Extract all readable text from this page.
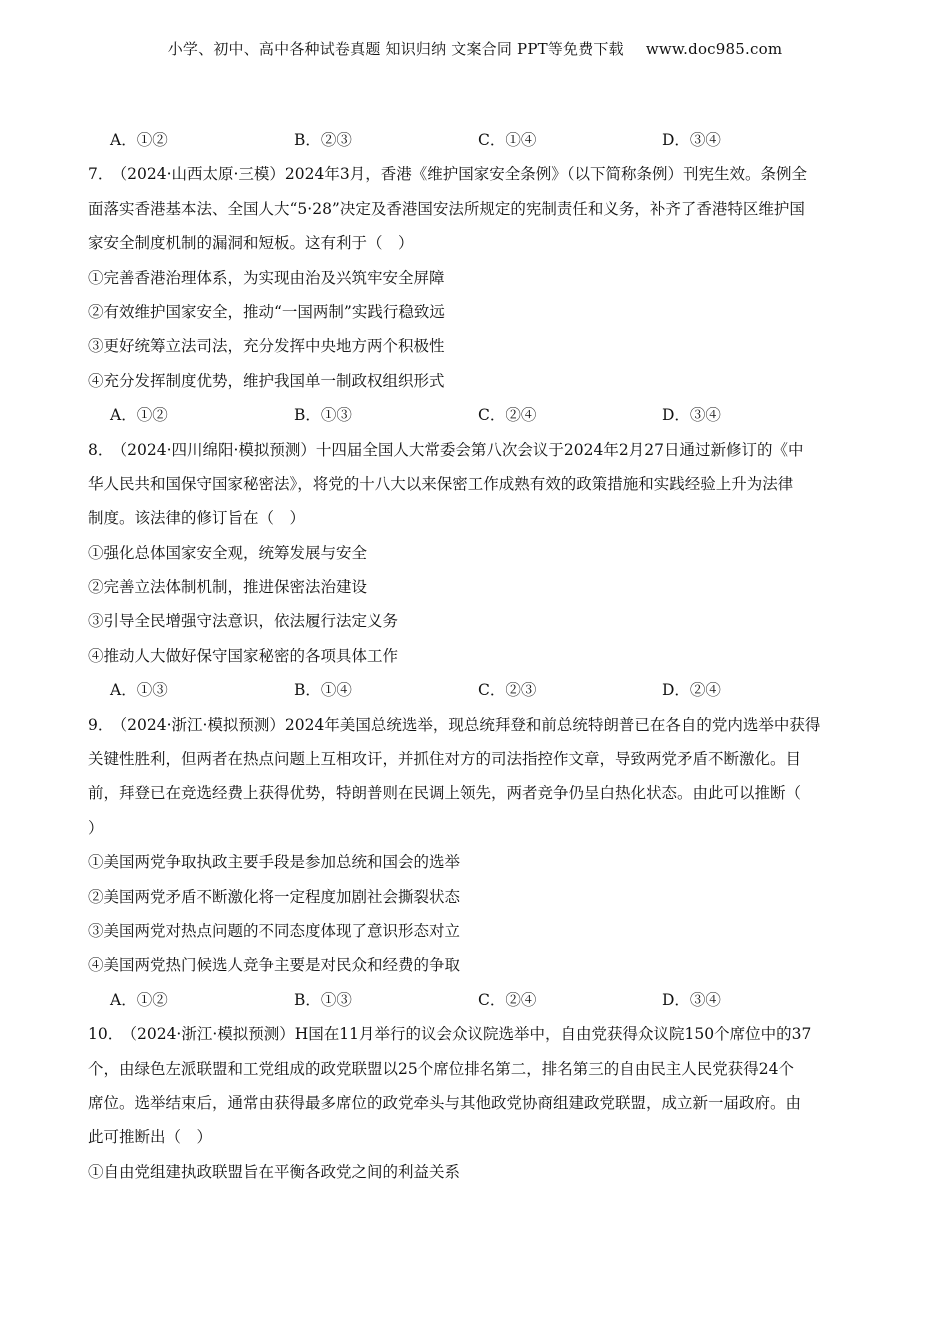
小学、初中、高中各种试卷真题 知识归纳 文案合同 PPT等免费下载 www.doc985.com
A．①②	B．②③	C．①④	D．③④
7． （2024·山西太原·三模）2024年3月，香港《维护国家安全条例》（以下简称条例）刊宪生效。条例全
面落实香港基本法、全国人大“5·28”决定及香港国安法所规定的宪制责任和义务，补齐了香港特区维护国
家安全制度机制的漏洞和短板。这有利于（　）
①完善香港治理体系，为实现由治及兴筑牢安全屏障
②有效维护国家安全，推动“一国两制”实践行稳致远
③更好统筹立法司法，充分发挥中央地方两个积极性
④充分发挥制度优势，维护我国单一制政权组织形式
A．①②	B．①③	C．②④	D．③④
8． （2024·四川绵阳·模拟预测）十四届全国人大常委会第八次会议于2024年2月27日通过新修订的《中
华人民共和国保守国家秘密法》，将党的十八大以来保密工作成熟有效的政策措施和实践经验上升为法律
制度。该法律的修订旨在（　）
①强化总体国家安全观，统筹发展与安全
②完善立法体制机制，推进保密法治建设
③引导全民增强守法意识，依法履行法定义务
④推动人大做好保守国家秘密的各项具体工作
A．①③	B．①④	C．②③	D．②④
9． （2024·浙江·模拟预测）2024年美国总统选举，现总统拜登和前总统特朗普已在各自的党内选举中获得
关键性胜利，但两者在热点问题上互相攻讦，并抓住对方的司法指控作文章，导致两党矛盾不断激化。目
前，拜登已在竞选经费上获得优势，特朗普则在民调上领先，两者竞争仍呈白热化状态。由此可以推断（
）
①美国两党争取执政主要手段是参加总统和国会的选举
②美国两党矛盾不断激化将一定程度加剧社会撕裂状态
③美国两党对热点问题的不同态度体现了意识形态对立
④美国两党热门候选人竞争主要是对民众和经费的争取
A．①②	B．①③	C．②④	D．③④
10． （2024·浙江·模拟预测）H国在11月举行的议会众议院选举中，自由党获得众议院150个席位中的37
个，由绿色左派联盟和工党组成的政党联盟以25个席位排名第二，排名第三的自由民主人民党获得24个
席位。选举结束后，通常由获得最多席位的政党牵头与其他政党协商组建政党联盟，成立新一届政府。由
此可推断出（　）
①自由党组建执政联盟旨在平衡各政党之间的利益关系
